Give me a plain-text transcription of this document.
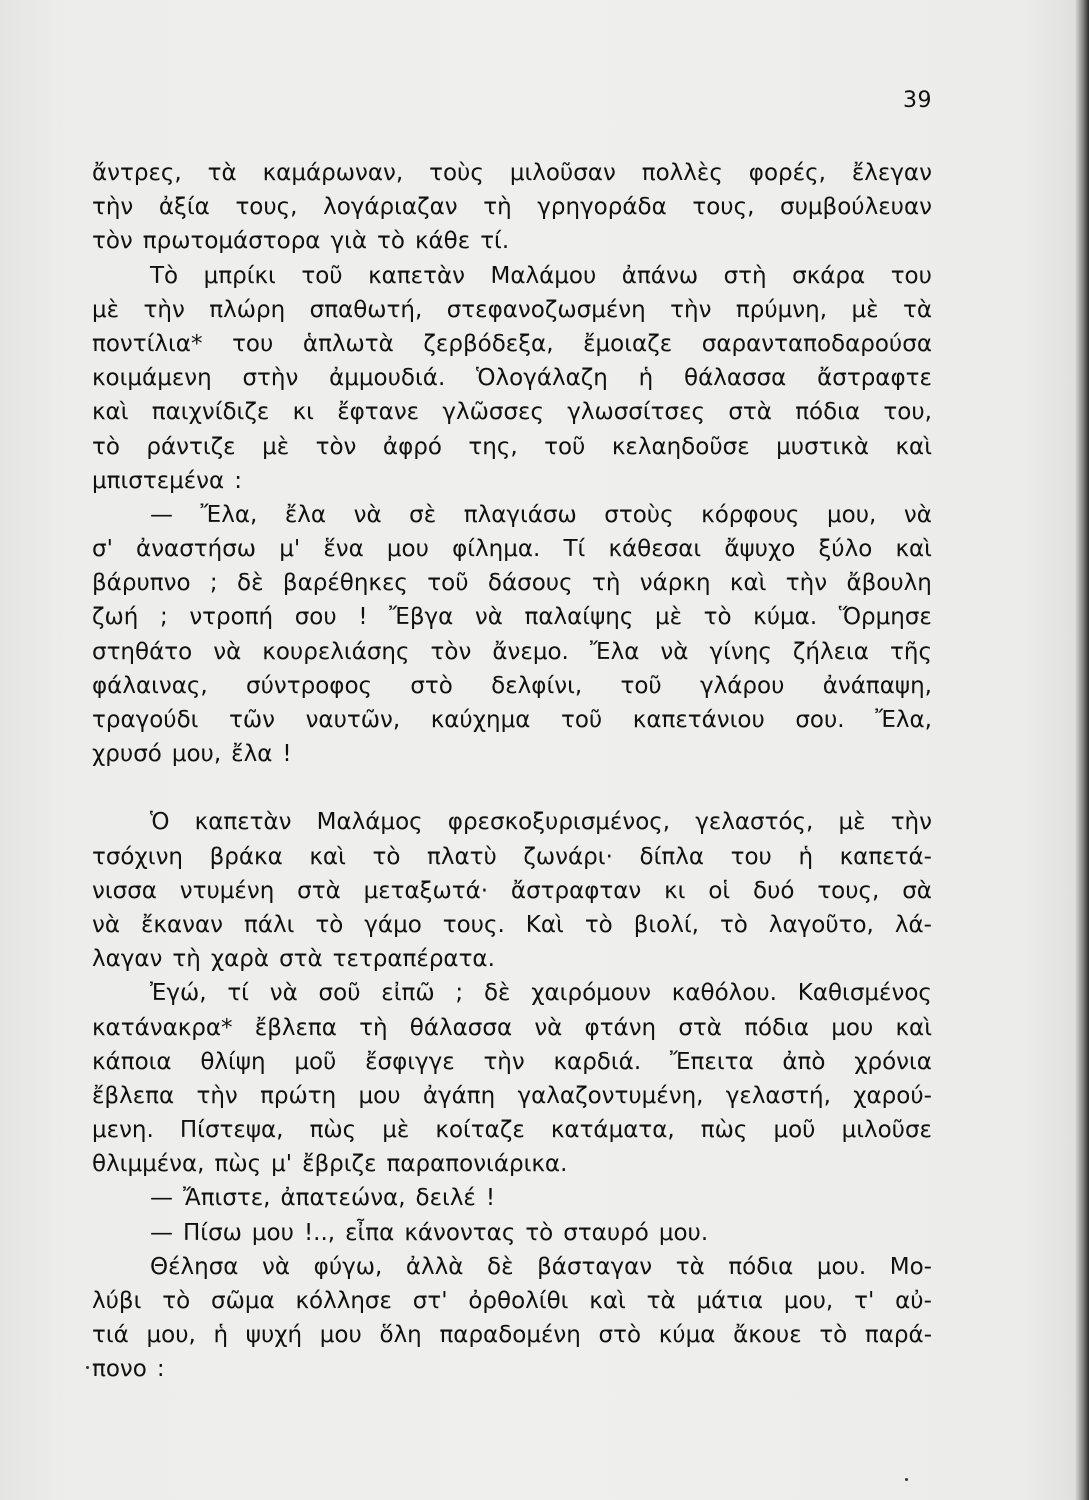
39
ἄντρες, τὰ καμάρωναν, τοὺς μιλοῦσαν πολλὲς φορές, ἔλεγαν
τὴν ἀξία τους, λογάριαζαν τὴ γρηγοράδα τους, συμβούλευαν
τὸν πρωτομάστορα γιὰ τὸ κάθε τί.
Τὸ μπρίκι τοῦ καπετὰν Μαλάμου ἀπάνω στὴ σκάρα του
μὲ τὴν πλώρη σπαθωτή, στεφανοζωσμένη τὴν πρύμνη, μὲ τὰ
ποντίλια* του ἁπλωτὰ ζερβόδεξα, ἔμοιαζε σαρανταποδαρούσα
κοιμάμενη στὴν ἀμμουδιά. Ὁλογάλαζη ἡ θάλασσα ἄστραφτε
καὶ παιχνίδιζε κι ἔφτανε γλῶσσες γλωσσίτσες στὰ πόδια του,
τὸ ράντιζε μὲ τὸν ἀφρό της, τοῦ κελαηδοῦσε μυστικὰ καὶ
μπιστεμένα :
— Ἔλα, ἔλα νὰ σὲ πλαγιάσω στοὺς κόρφους μου, νὰ
σ' ἀναστήσω μ' ἕνα μου φίλημα. Τί κάθεσαι ἄψυχο ξύλο καὶ
βάρυπνο ; δὲ βαρέθηκες τοῦ δάσους τὴ νάρκη καὶ τὴν ἄβουλη
ζωή ; ντροπή σου ! Ἔβγα νὰ παλαίψης μὲ τὸ κύμα. Ὅρμησε
στηθάτο νὰ κουρελιάσης τὸν ἄνεμο. Ἔλα νὰ γίνης ζήλεια τῆς
φάλαινας, σύντροφος στὸ δελφίνι, τοῦ γλάρου ἀνάπαψη,
τραγούδι τῶν ναυτῶν, καύχημα τοῦ καπετάνιου σου. Ἔλα,
χρυσό μου, ἔλα !
Ὁ καπετὰν Μαλάμος φρεσκοξυρισμένος, γελαστός, μὲ τὴν
τσόχινη βράκα καὶ τὸ πλατὺ ζωνάρι· δίπλα του ἡ καπετά-
νισσα ντυμένη στὰ μεταξωτά· ἄστραφταν κι οἱ δυό τους, σὰ
νὰ ἔκαναν πάλι τὸ γάμο τους. Καὶ τὸ βιολί, τὸ λαγοῦτο, λά-
λαγαν τὴ χαρὰ στὰ τετραπέρατα.
Ἐγώ, τί νὰ σοῦ εἰπῶ ; δὲ χαιρόμουν καθόλου. Καθισμένος
κατάνακρα* ἔβλεπα τὴ θάλασσα νὰ φτάνη στὰ πόδια μου καὶ
κάποια θλίψη μοῦ ἔσφιγγε τὴν καρδιά. Ἔπειτα ἀπὸ χρόνια
ἔβλεπα τὴν πρώτη μου ἀγάπη γαλαζοντυμένη, γελαστή, χαρού-
μενη. Πίστεψα, πὼς μὲ κοίταζε κατάματα, πὼς μοῦ μιλοῦσε
θλιμμένα, πὼς μ' ἔβριζε παραπονιάρικα.
— Ἄπιστε, ἀπατεώνα, δειλέ !
— Πίσω μου !.., εἶπα κάνοντας τὸ σταυρό μου.
Θέλησα νὰ φύγω, ἀλλὰ δὲ βάσταγαν τὰ πόδια μου. Μο-
λύβι τὸ σῶμα κόλλησε στ' ὀρθολίθι καὶ τὰ μάτια μου, τ' αὐ-
τιά μου, ἡ ψυχή μου ὅλη παραδομένη στὸ κύμα ἄκουε τὸ παρά-
πονο :
